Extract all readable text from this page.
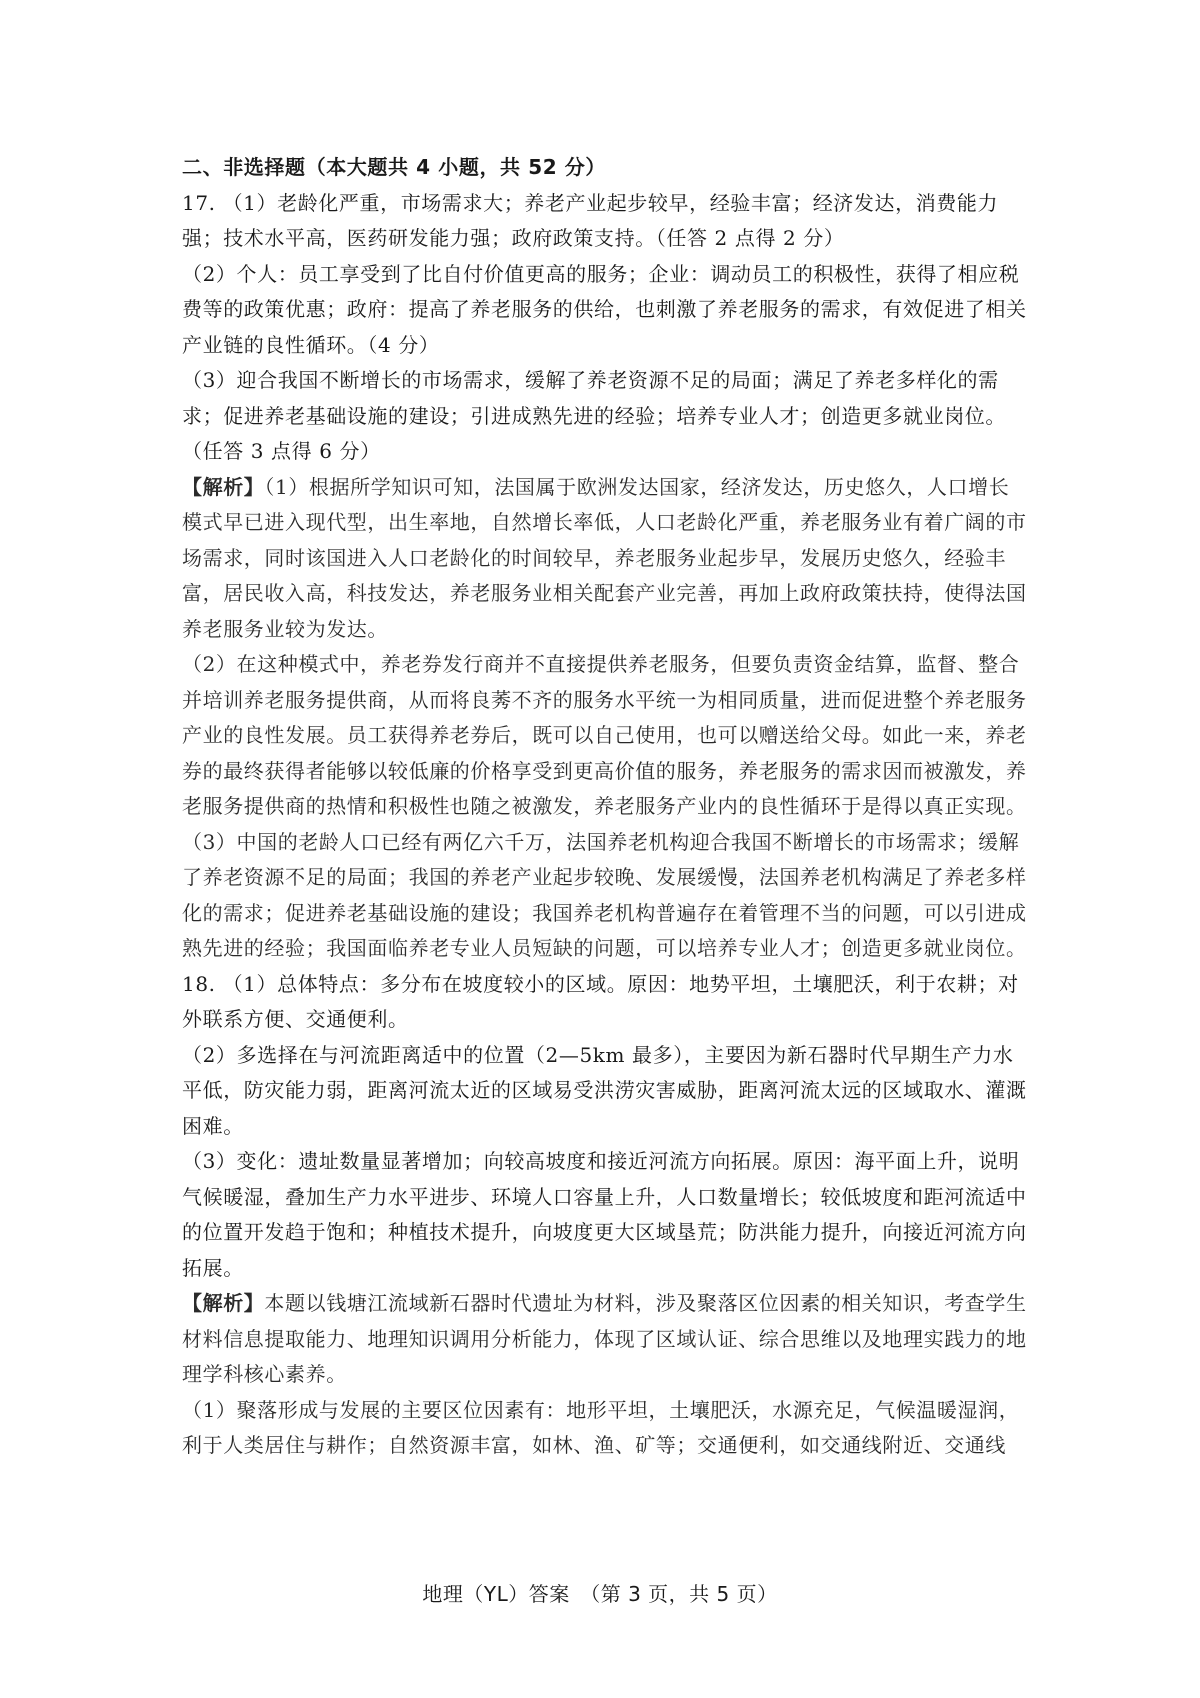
二、非选择题（本大题共 4 小题，共 52 分）

17. （1）老龄化严重，市场需求大；养老产业起步较早，经验丰富；经济发达，消费能力强；技术水平高，医药研发能力强；政府政策支持。（任答 2 点得 2 分）

（2）个人：员工享受到了比自付价值更高的服务；企业：调动员工的积极性，获得了相应税费等的政策优惠；政府：提高了养老服务的供给，也刺激了养老服务的需求，有效促进了相关产业链的良性循环。（4 分）

（3）迎合我国不断增长的市场需求，缓解了养老资源不足的局面；满足了养老多样化的需求；促进养老基础设施的建设；引进成熟先进的经验；培养专业人才；创造更多就业岗位。（任答 3 点得 6 分）

【解析】（1）根据所学知识可知，法国属于欧洲发达国家，经济发达，历史悠久，人口增长模式早已进入现代型，出生率地，自然增长率低，人口老龄化严重，养老服务业有着广阔的市场需求，同时该国进入人口老龄化的时间较早，养老服务业起步早，发展历史悠久，经验丰富，居民收入高，科技发达，养老服务业相关配套产业完善，再加上政府政策扶持，使得法国养老服务业较为发达。

（2）在这种模式中，养老券发行商并不直接提供养老服务，但要负责资金结算，监督、整合并培训养老服务提供商，从而将良莠不齐的服务水平统一为相同质量，进而促进整个养老服务产业的良性发展。员工获得养老券后，既可以自己使用，也可以赠送给父母。如此一来，养老券的最终获得者能够以较低廉的价格享受到更高价值的服务，养老服务的需求因而被激发，养老服务提供商的热情和积极性也随之被激发，养老服务产业内的良性循环于是得以真正实现。

（3）中国的老龄人口已经有两亿六千万，法国养老机构迎合我国不断增长的市场需求；缓解了养老资源不足的局面；我国的养老产业起步较晚、发展缓慢，法国养老机构满足了养老多样化的需求；促进养老基础设施的建设；我国养老机构普遍存在着管理不当的问题，可以引进成熟先进的经验；我国面临养老专业人员短缺的问题，可以培养专业人才；创造更多就业岗位。

18. （1）总体特点：多分布在坡度较小的区域。原因：地势平坦，土壤肥沃，利于农耕；对外联系方便、交通便利。

（2）多选择在与河流距离适中的位置（2—5km 最多），主要因为新石器时代早期生产力水平低，防灾能力弱，距离河流太近的区域易受洪涝灾害威胁，距离河流太远的区域取水、灌溉困难。

（3）变化：遗址数量显著增加；向较高坡度和接近河流方向拓展。原因：海平面上升，说明气候暖湿，叠加生产力水平进步、环境人口容量上升，人口数量增长；较低坡度和距河流适中的位置开发趋于饱和；种植技术提升，向坡度更大区域垦荒；防洪能力提升，向接近河流方向拓展。

【解析】本题以钱塘江流域新石器时代遗址为材料，涉及聚落区位因素的相关知识，考查学生材料信息提取能力、地理知识调用分析能力，体现了区域认证、综合思维以及地理实践力的地理学科核心素养。

（1）聚落形成与发展的主要区位因素有：地形平坦，土壤肥沃，水源充足，气候温暖湿润，利于人类居住与耕作；自然资源丰富，如林、渔、矿等；交通便利，如交通线附近、交通线

地理（YL）答案　（第 3 页，共 5 页）
